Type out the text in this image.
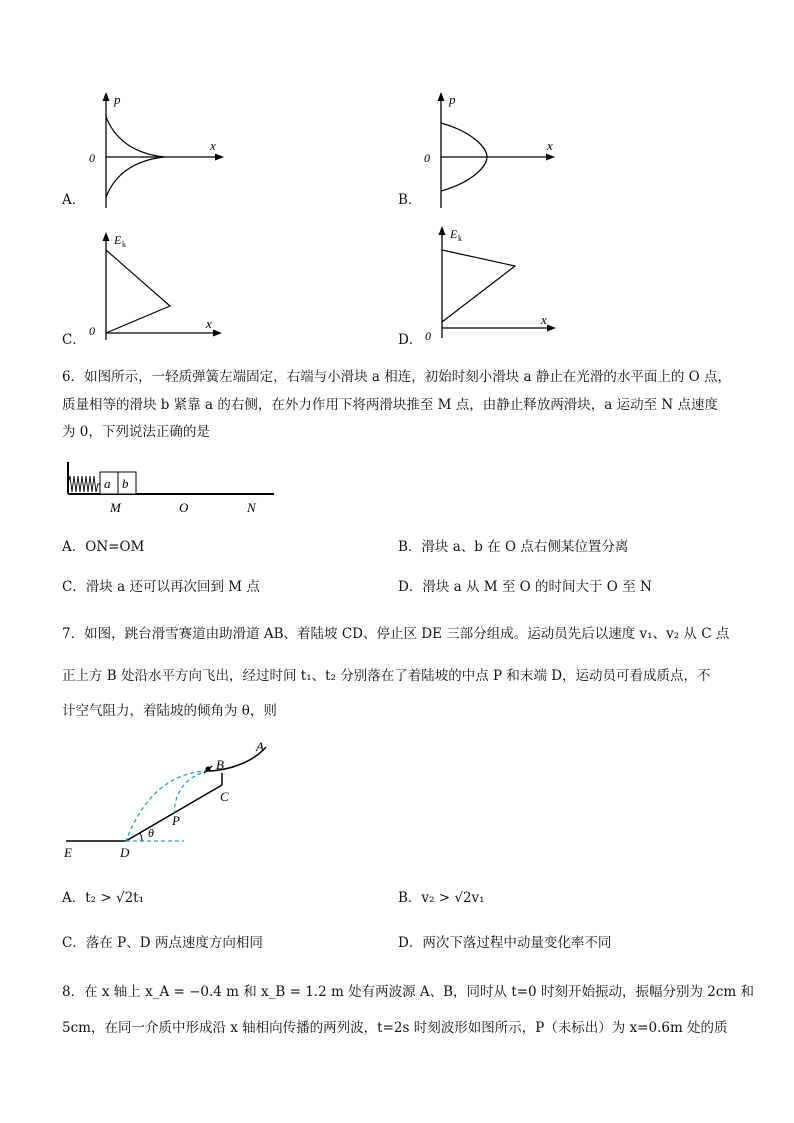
A．
p
x
0
B．
p
x
0
C．
E k
x
0
D．
E k
x
0
6．如图所示，一轻质弹簧左端固定，右端与小滑块 a 相连，初始时刻小滑块 a 静止在光滑的水平面上的 O 点，
质量相等的滑块 b 紧靠 a 的右侧，在外力作用下将两滑块推至 M 点，由静止释放两滑块，a 运动至 N 点速度
为 0，下列说法正确的是
a b
M	O	N
A．ON=OM	B．滑块 a、b 在 O 点右侧某位置分离
C．滑块 a 还可以再次回到 M 点	D．滑块 a 从 M 至 O 的时间大于 O 至 N
7．如图，跳台滑雪赛道由助滑道 AB、着陆坡 CD、停止区 DE 三部分组成。运动员先后以速度 v₁、v₂ 从 C 点
正上方 B 处沿水平方向飞出，经过时间 t₁、t₂ 分别落在了着陆坡的中点 P 和末端 D，运动员可看成质点，不
计空气阻力，着陆坡的倾角为 θ，则
A
B
C
P
D
E
θ
A．t₂ > √2t₁	B．v₂ > √2v₁
C．落在 P、D 两点速度方向相同	D．两次下落过程中动量变化率不同
8．在 x 轴上 x_A = −0.4 m 和 x_B = 1.2 m 处有两波源 A、B，同时从 t=0 时刻开始振动，振幅分别为 2cm 和
5cm，在同一介质中形成沿 x 轴相向传播的两列波，t=2s 时刻波形如图所示，P（未标出）为 x=0.6m 处的质
